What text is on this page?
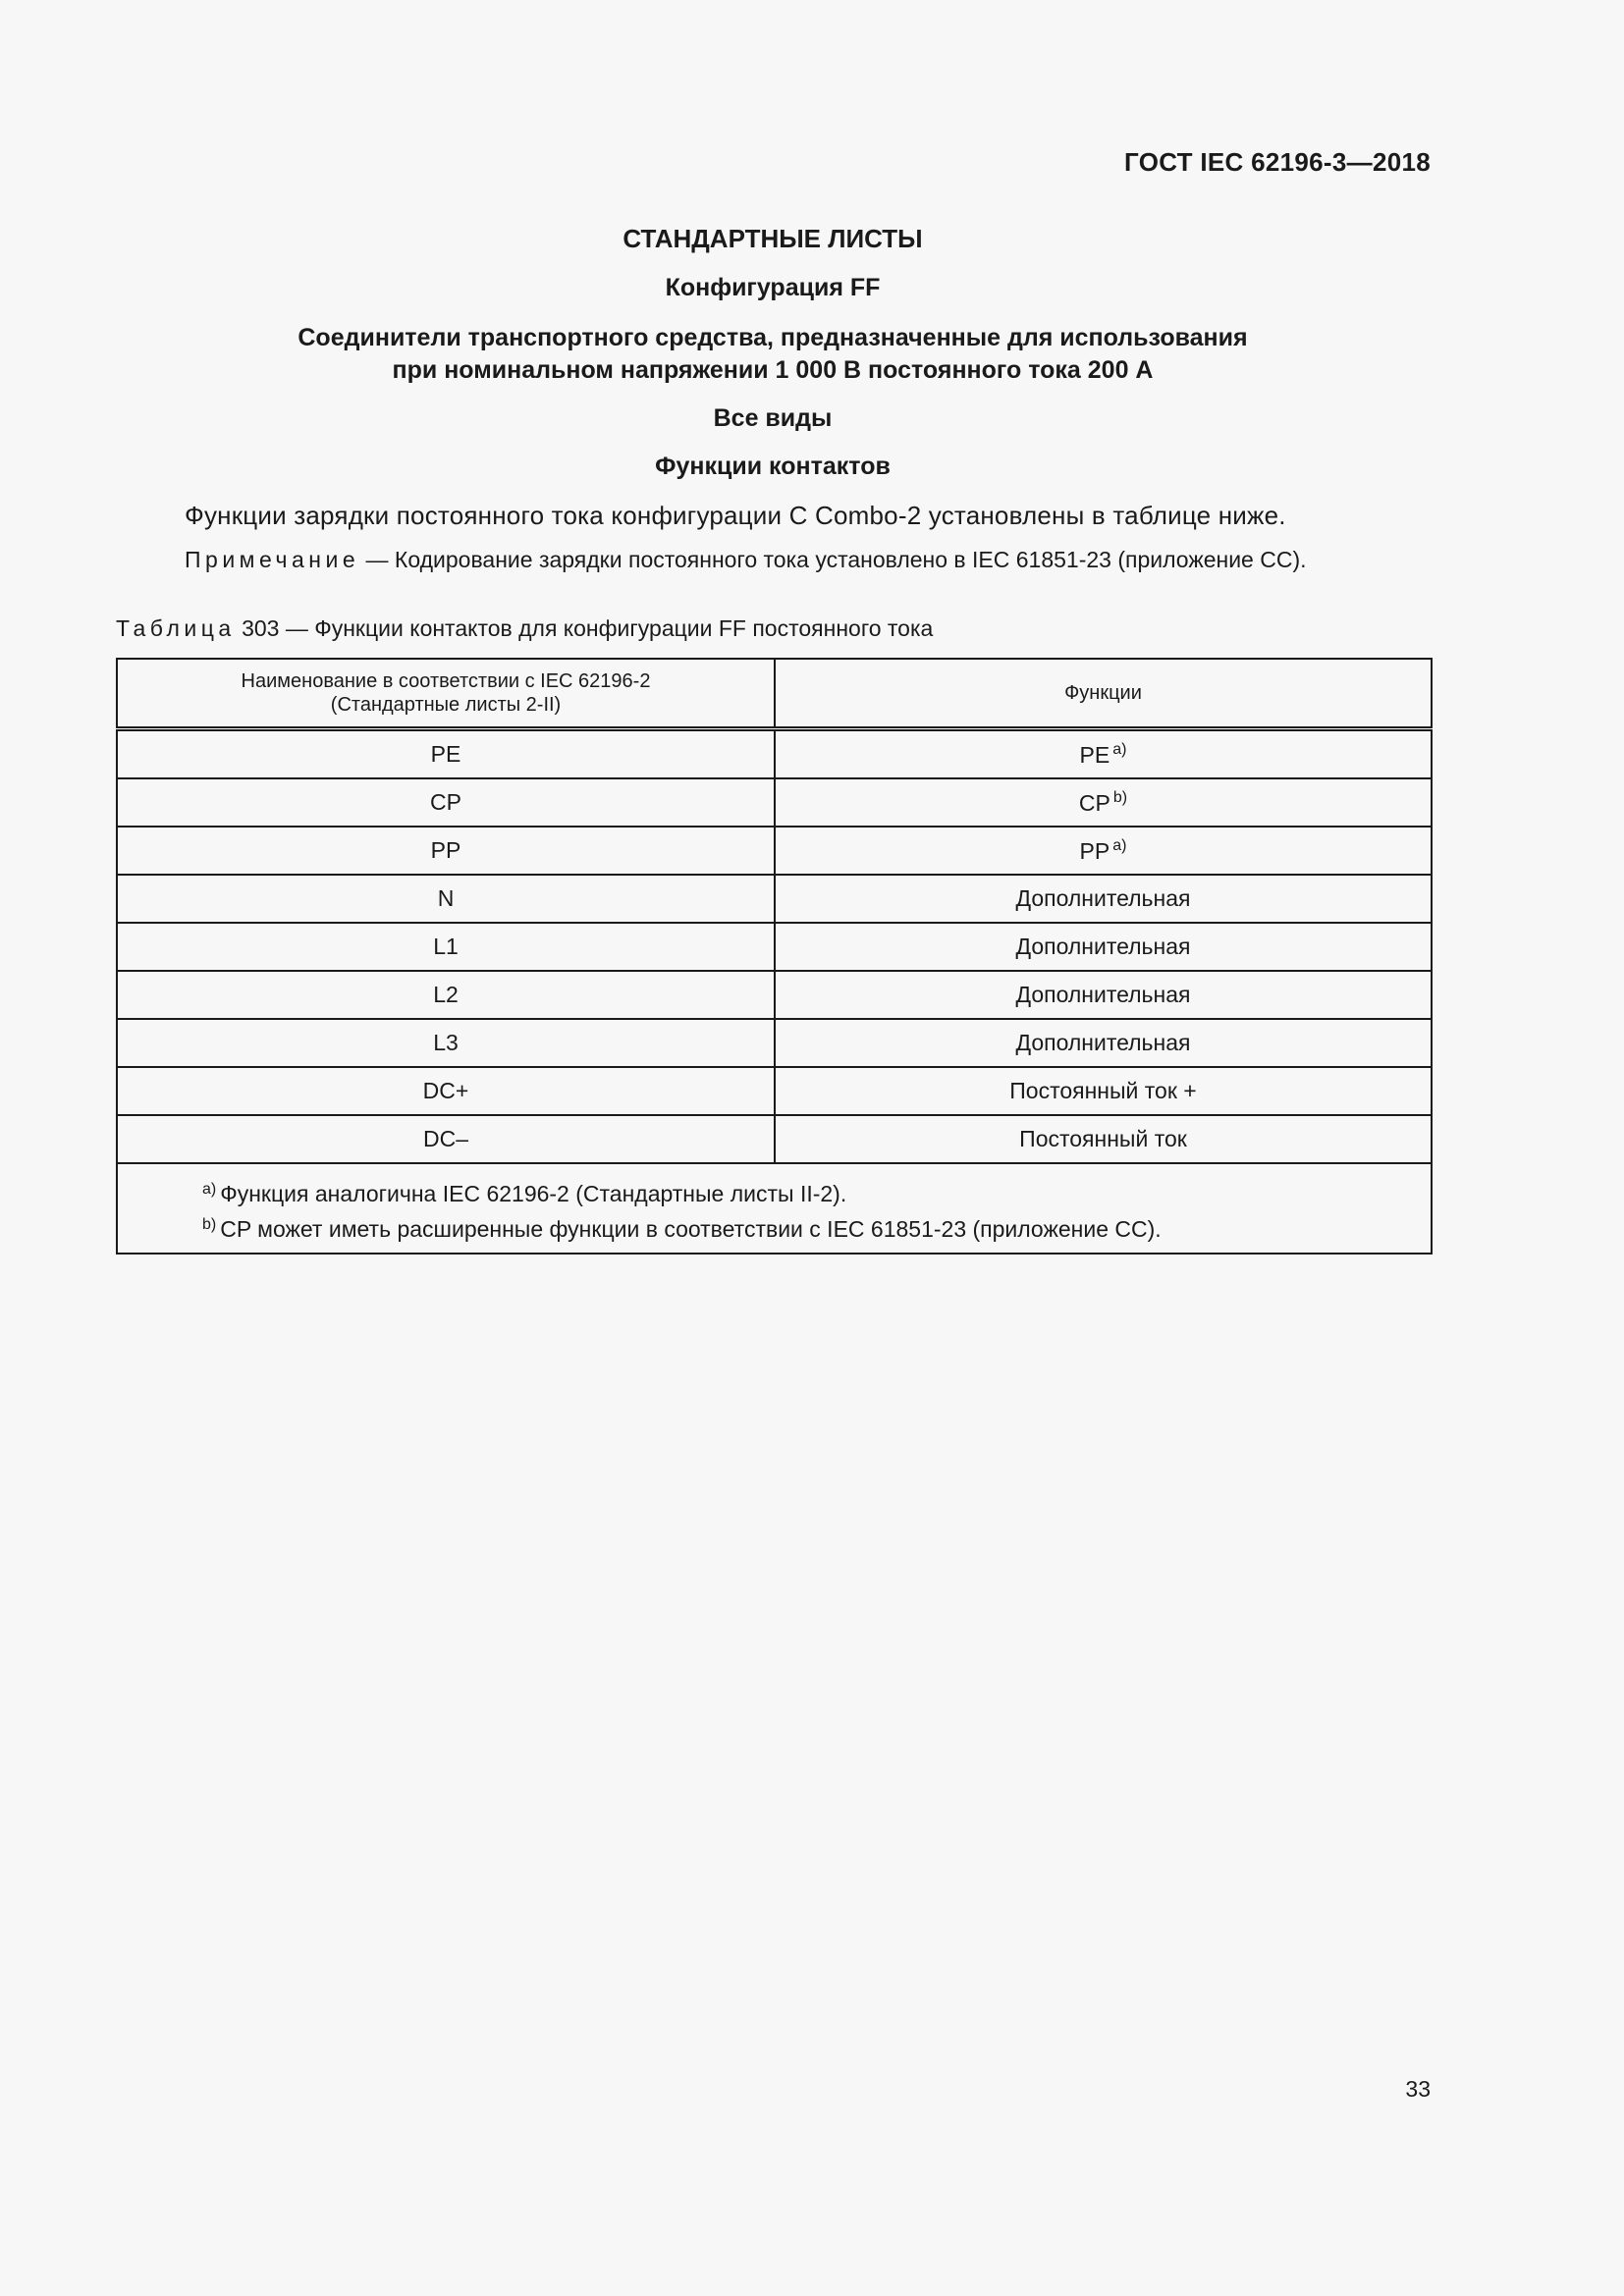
ГОСТ IEC 62196-3—2018
СТАНДАРТНЫЕ ЛИСТЫ
Конфигурация FF
Соединители транспортного средства, предназначенные для использования
при номинальном напряжении 1 000 В постоянного тока 200 А
Все виды
Функции контактов
Функции зарядки постоянного тока конфигурации C Combo-2 установлены в таблице ниже.
Примечание — Кодирование зарядки постоянного тока установлено в IEC 61851-23 (приложение CC).
Таблица 303 — Функции контактов для конфигурации FF постоянного тока
Наименование в соответствии с IEC 62196-2
(Стандартные листы 2-II)	Функции
PE	PE $^{a)}$
CP	CP $^{b)}$
PP	PP $^{a)}$
N	Дополнительная
L1	Дополнительная
L2	Дополнительная
L3	Дополнительная
DC+	Постоянный ток +
DC–	Постоянный ток

$^{a)}$ Функция аналогична IEC 62196-2 (Стандартные листы II-2).
$^{b)}$ CP может иметь расширенные функции в соответствии с IEC 61851-23 (приложение CC).	
33
